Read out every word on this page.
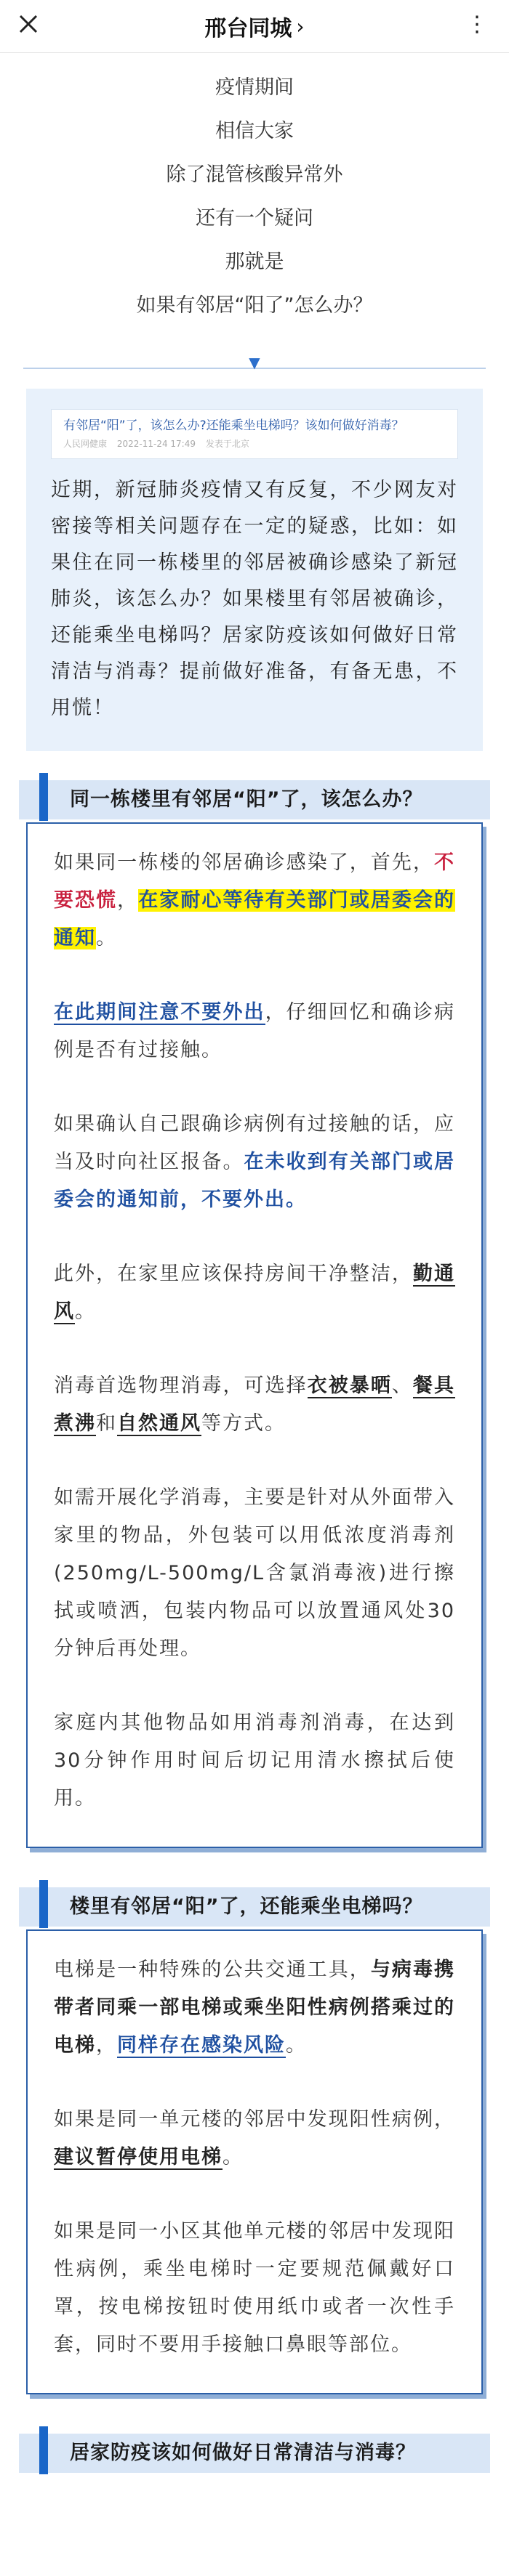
邢台同城 ›	⋮

疫情期间

相信大家

除了混管核酸异常外

还有一个疑问

那就是

如果有邻居“阳了”怎么办？

▼
有邻居“阳”了，该怎么办?还能乘坐电梯吗？该如何做好消毒？
人民网健康 2022-11-24 17:49 发表于北京

近期，新冠肺炎疫情又有反复，不少网友对密接等相关问题存在一定的疑惑，比如：如果住在同一栋楼里的邻居被确诊感染了新冠肺炎，该怎么办？如果楼里有邻居被确诊，还能乘坐电梯吗？居家防疫该如何做好日常清洁与消毒？提前做好准备，有备无患，不用慌！

同一栋楼里有邻居“阳”了，该怎么办？

如果同一栋楼的邻居确诊感染了，首先，不要恐慌，在家耐心等待有关部门或居委会的通知。

在此期间注意不要外出，仔细回忆和确诊病例是否有过接触。

如果确认自己跟确诊病例有过接触的话，应当及时向社区报备。在未收到有关部门或居委会的通知前，不要外出。

此外，在家里应该保持房间干净整洁，勤通风。

消毒首选物理消毒，可选择衣被暴晒、餐具煮沸和自然通风等方式。

如需开展化学消毒，主要是针对从外面带入家里的物品，外包装可以用低浓度消毒剂(250mg/L-500mg/L含氯消毒液)进行擦拭或喷洒，包装内物品可以放置通风处30分钟后再处理。

家庭内其他物品如用消毒剂消毒，在达到30分钟作用时间后切记用清水擦拭后使用。

楼里有邻居“阳”了，还能乘坐电梯吗？

电梯是一种特殊的公共交通工具，与病毒携带者同乘一部电梯或乘坐阳性病例搭乘过的电梯，同样存在感染风险。

如果是同一单元楼的邻居中发现阳性病例，建议暂停使用电梯。

如果是同一小区其他单元楼的邻居中发现阳性病例，乘坐电梯时一定要规范佩戴好口罩，按电梯按钮时使用纸巾或者一次性手套，同时不要用手接触口鼻眼等部位。

居家防疫该如何做好日常清洁与消毒？
